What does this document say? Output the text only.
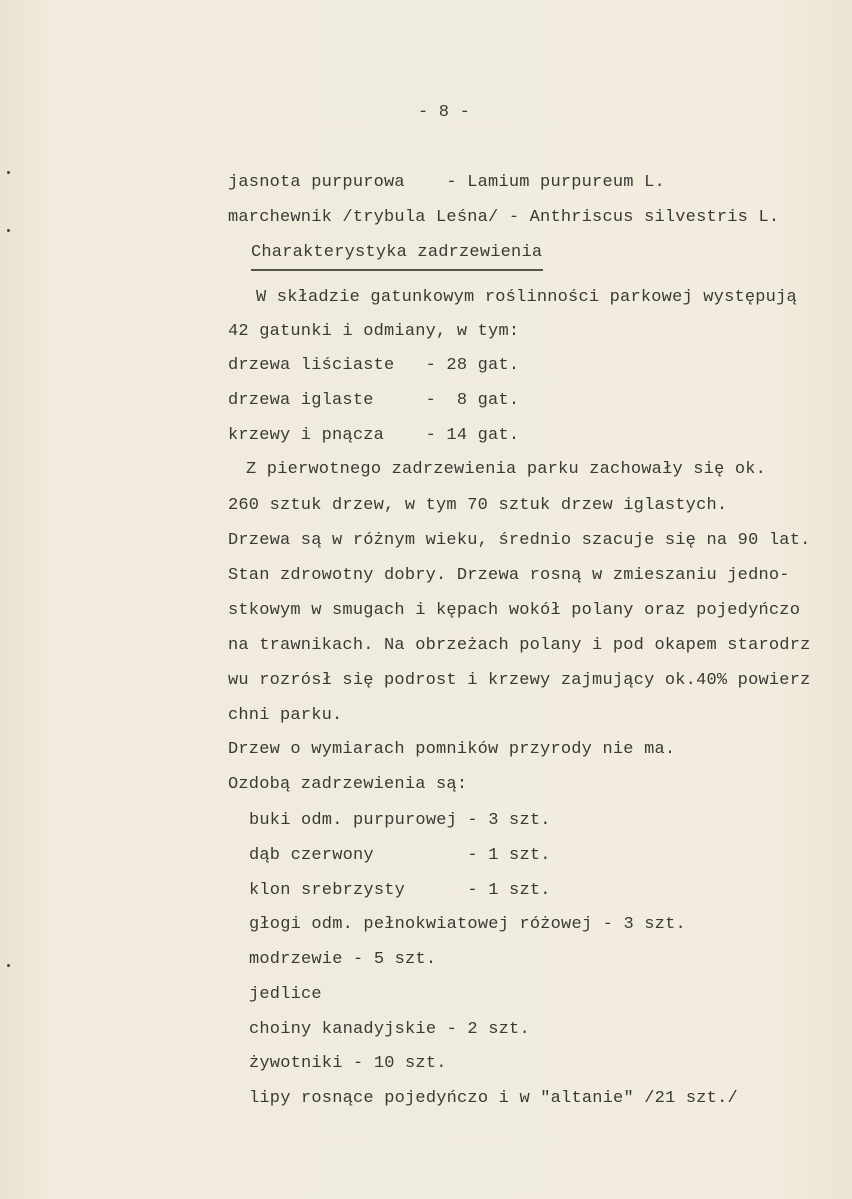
- 8 -
jasnota purpurowa    - Lamium purpureum L.
marchewnik /trybula Leśna/ - Anthriscus silvestris L.
Charakterystyka zadrzewienia
W składzie gatunkowym roślinności parkowej występują
42 gatunki i odmiany, w tym:
drzewa liściaste   - 28 gat.
drzewa iglaste     -  8 gat.
krzewy i pnącza    - 14 gat.
Z pierwotnego zadrzewienia parku zachowały się ok.
260 sztuk drzew, w tym 70 sztuk drzew iglastych.
Drzewa są w różnym wieku, średnio szacuje się na 90 lat.
Stan zdrowotny dobry. Drzewa rosną w zmieszaniu jedno-
stkowym w smugach i kępach wokół polany oraz pojedyńczo
na trawnikach. Na obrzeżach polany i pod okapem starodrz
wu rozrósł się podrost i krzewy zajmujący ok.40% powierz
chni parku.
Drzew o wymiarach pomników przyrody nie ma.
Ozdobą zadrzewienia są:
buki odm. purpurowej - 3 szt.
dąb czerwony         - 1 szt.
klon srebrzysty      - 1 szt.
głogi odm. pełnokwiatowej różowej - 3 szt.
modrzewie - 5 szt.
jedlice
choiny kanadyjskie - 2 szt.
żywotniki - 10 szt.
lipy rosnące pojedyńczo i w "altanie" /21 szt./
